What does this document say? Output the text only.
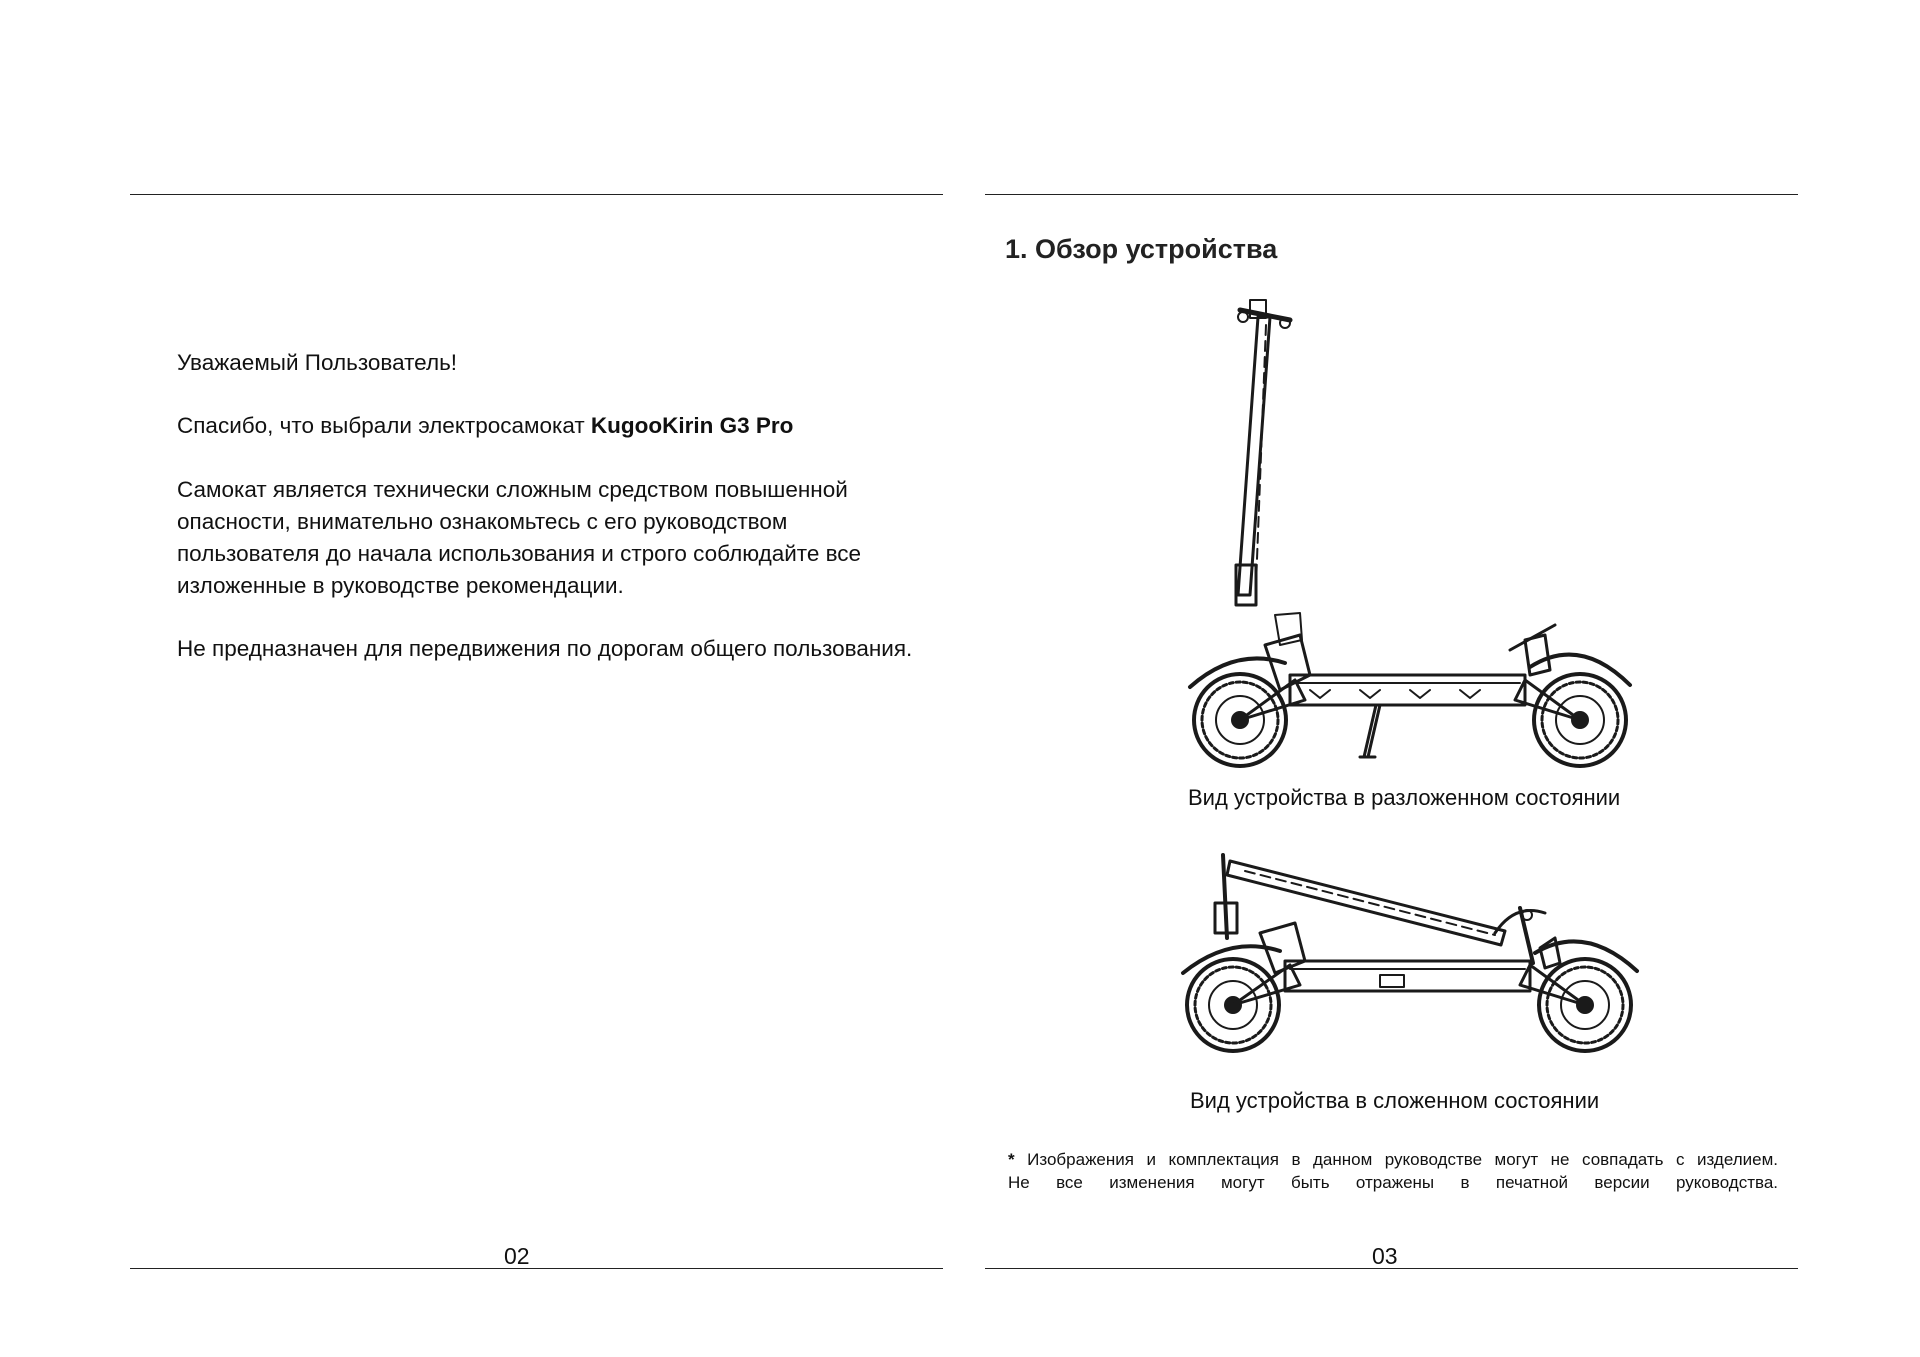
Уважаемый Пользователь!
Спасибо, что выбрали электросамокат KugooKirin G3 Pro
Самокат является технически сложным средством повышенной
опасности, внимательно ознакомьтесь с его руководством
пользователя до начала использования и строго соблюдайте все
изложенные в руководстве рекомендации.
Не предназначен для передвижения по дорогам общего пользования.
02
1. Обзор устройства
Вид устройства в разложенном состоянии
Вид устройства в сложенном состоянии
* Изображения и комплектация в данном руководстве могут не совпадать с изделием.
Не все изменения могут быть отражены в печатной версии руководства.
03
